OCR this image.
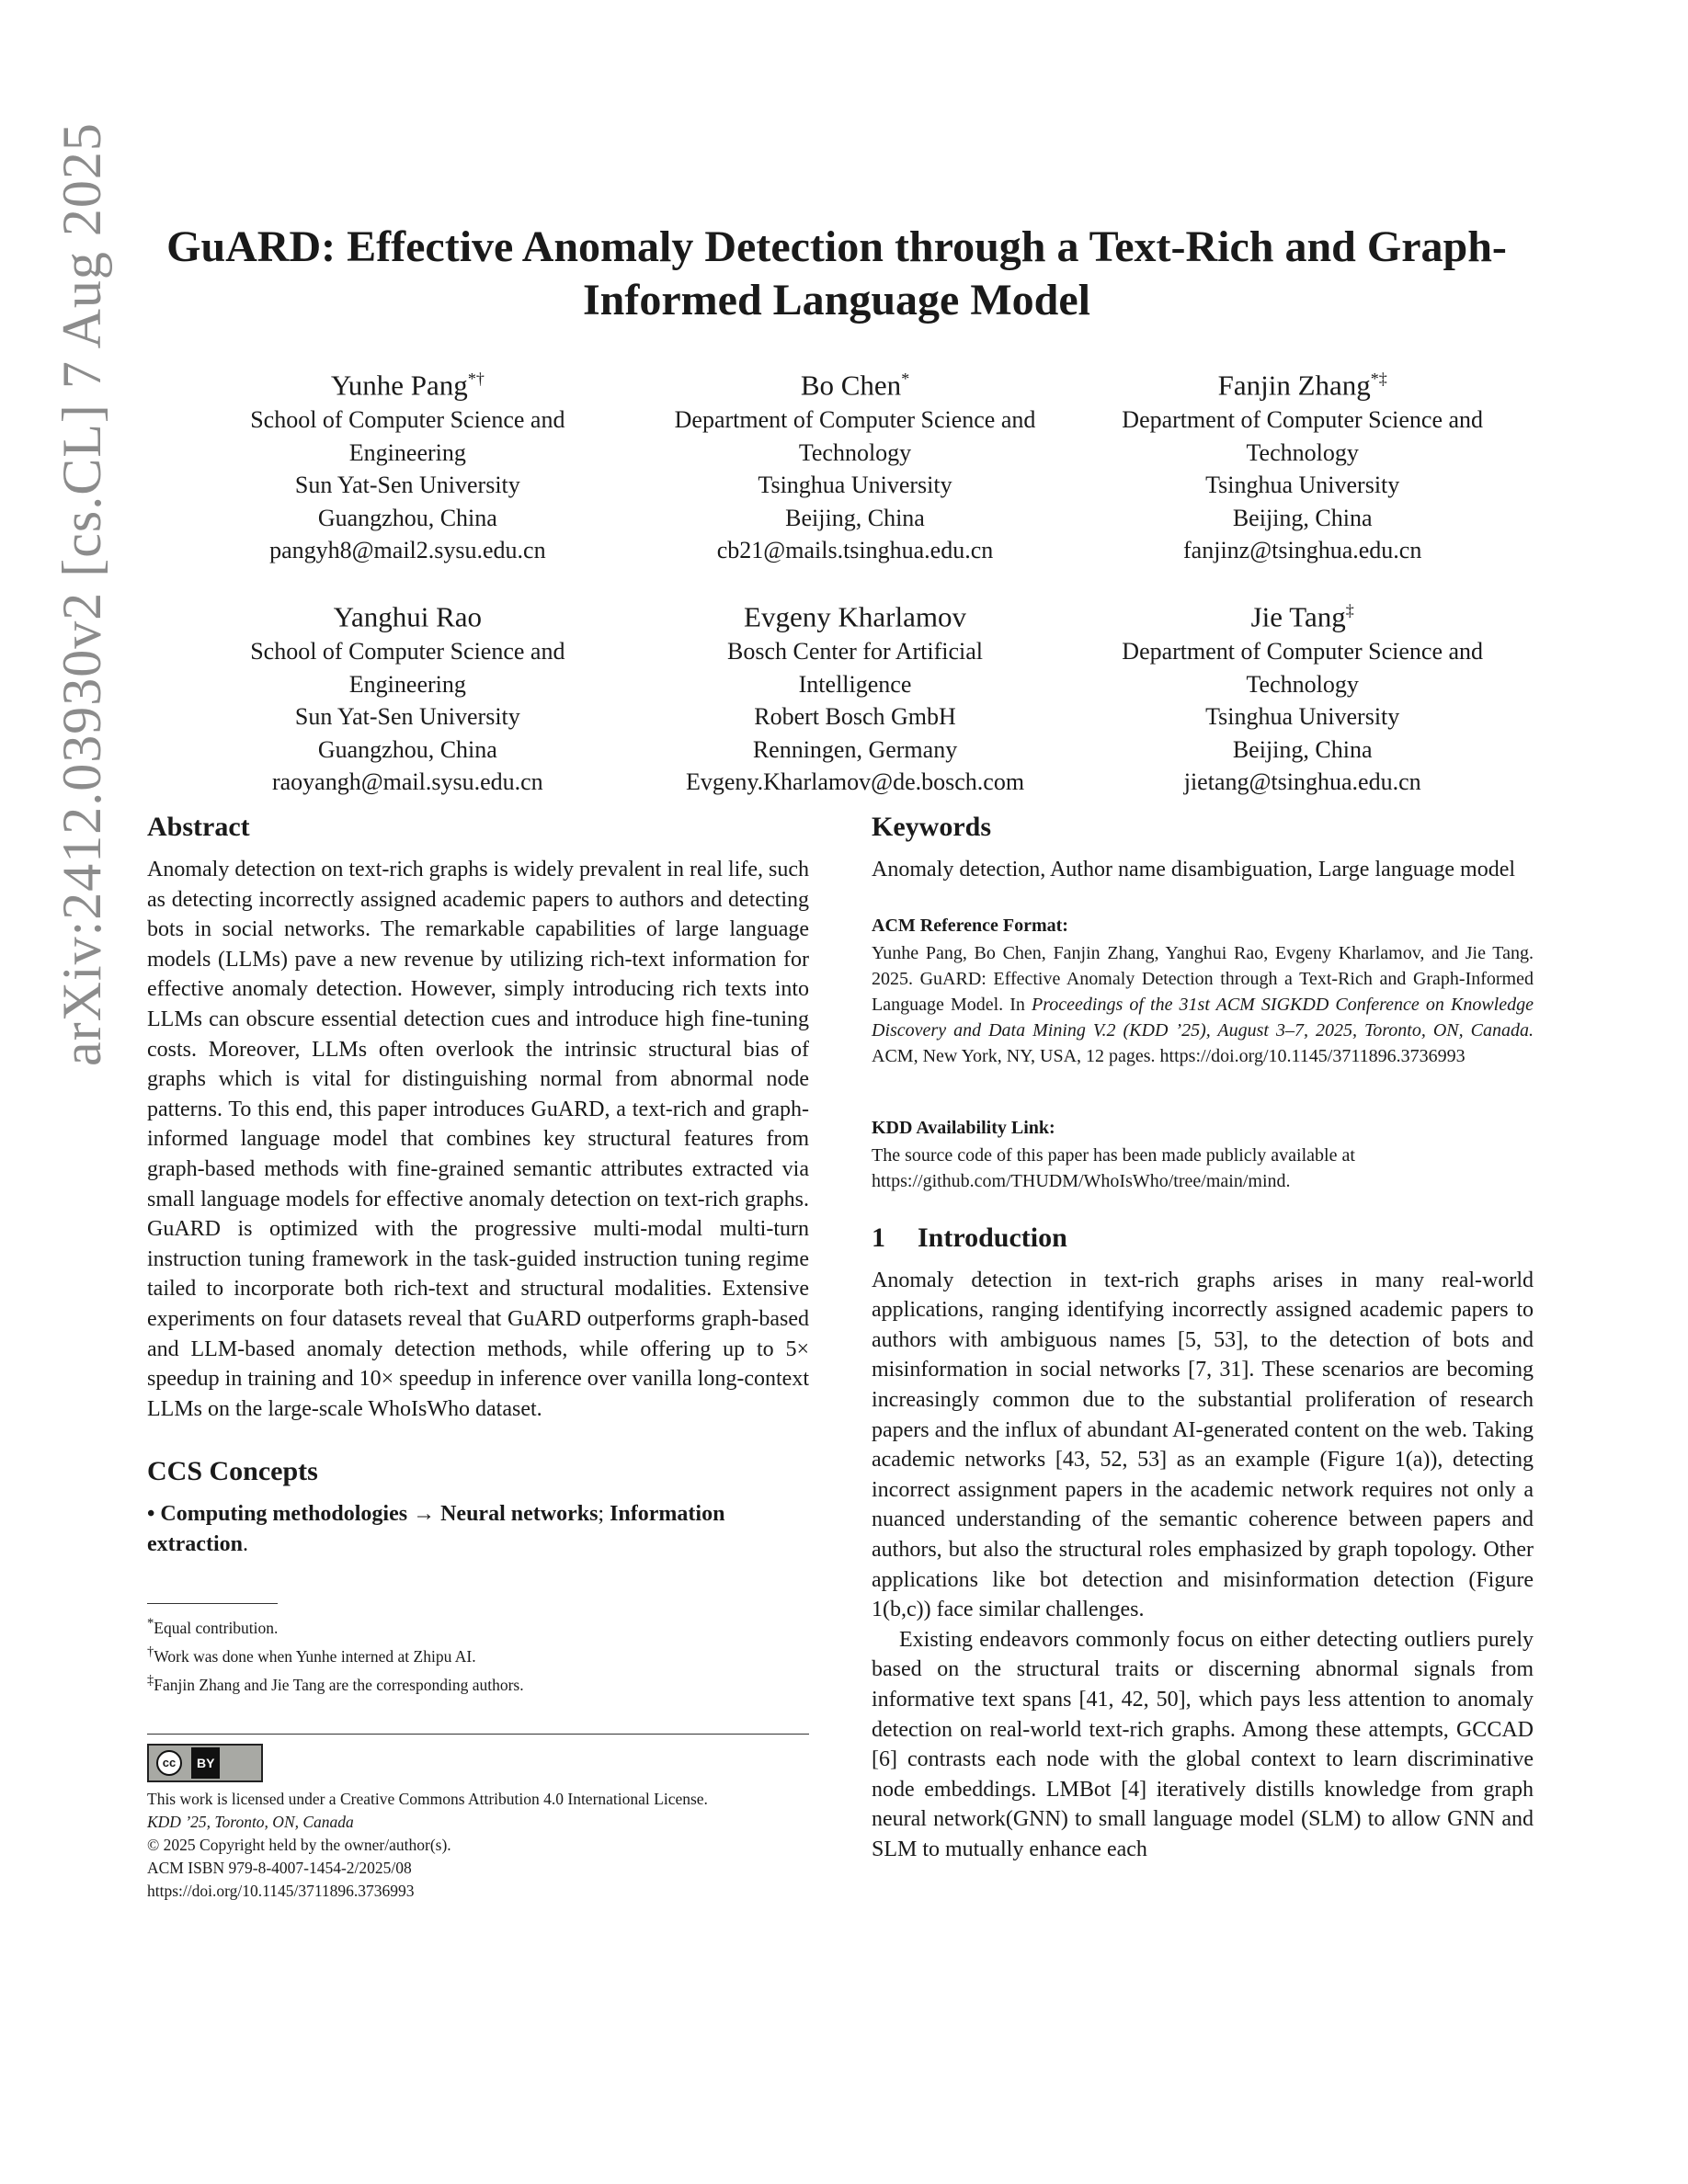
arXiv:2412.03930v2 [cs.CL] 7 Aug 2025	GuARD: Effective Anomaly Detection through a Text-Rich and Graph-Informed Language Model
Yunhe Pang*†
School of Computer Science and
Engineering
Sun Yat-Sen University
Guangzhou, China
pangyh8@mail2.sysu.edu.cn
Bo Chen*
Department of Computer Science and
Technology
Tsinghua University
Beijing, China
cb21@mails.tsinghua.edu.cn
Fanjin Zhang*‡
Department of Computer Science and
Technology
Tsinghua University
Beijing, China
fanjinz@tsinghua.edu.cn
Yanghui Rao
School of Computer Science and
Engineering
Sun Yat-Sen University
Guangzhou, China
raoyangh@mail.sysu.edu.cn
Evgeny Kharlamov
Bosch Center for Artificial
Intelligence
Robert Bosch GmbH
Renningen, Germany
Evgeny.Kharlamov@de.bosch.com
Jie Tang‡
Department of Computer Science and
Technology
Tsinghua University
Beijing, China
jietang@tsinghua.edu.cn
Abstract

Anomaly detection on text-rich graphs is widely prevalent in real life, such as detecting incorrectly assigned academic papers to authors and detecting bots in social networks. The remarkable capabilities of large language models (LLMs) pave a new revenue by utilizing rich-text information for effective anomaly detection. However, simply introducing rich texts into LLMs can obscure essential detection cues and introduce high fine-tuning costs. Moreover, LLMs often overlook the intrinsic structural bias of graphs which is vital for distinguishing normal from abnormal node patterns. To this end, this paper introduces GuARD, a text-rich and graph-informed language model that combines key structural features from graph-based methods with fine-grained semantic attributes extracted via small language models for effective anomaly detection on text-rich graphs. GuARD is optimized with the progressive multi-modal multi-turn instruction tuning framework in the task-guided instruction tuning regime tailed to incorporate both rich-text and structural modalities. Extensive experiments on four datasets reveal that GuARD outperforms graph-based and LLM-based anomaly detection methods, while offering up to 5× speedup in training and 10× speedup in inference over vanilla long-context LLMs on the large-scale WhoIsWho dataset.

CCS Concepts

• Computing methodologies → Neural networks; Information extraction.

*Equal contribution.
†Work was done when Yunhe interned at Zhipu AI.
‡Fanjin Zhang and Jie Tang are the corresponding authors.
cc	BY
This work is licensed under a Creative Commons Attribution 4.0 International License.
KDD ’25, Toronto, ON, Canada
© 2025 Copyright held by the owner/author(s).
ACM ISBN 979-8-4007-1454-2/2025/08
https://doi.org/10.1145/3711896.3736993
Keywords

Anomaly detection, Author name disambiguation, Large language model

ACM Reference Format:

Yunhe Pang, Bo Chen, Fanjin Zhang, Yanghui Rao, Evgeny Kharlamov, and Jie Tang. 2025. GuARD: Effective Anomaly Detection through a Text-Rich and Graph-Informed Language Model. In Proceedings of the 31st ACM SIGKDD Conference on Knowledge Discovery and Data Mining V.2 (KDD ’25), August 3–7, 2025, Toronto, ON, Canada. ACM, New York, NY, USA, 12 pages. https://doi.org/10.1145/3711896.3736993

KDD Availability Link:

The source code of this paper has been made publicly available at https://github.com/THUDM/WhoIsWho/tree/main/mind.

1 Introduction

Anomaly detection in text-rich graphs arises in many real-world applications, ranging identifying incorrectly assigned academic papers to authors with ambiguous names [5, 53], to the detection of bots and misinformation in social networks [7, 31]. These scenarios are becoming increasingly common due to the substantial proliferation of research papers and the influx of abundant AI-generated content on the web. Taking academic networks [43, 52, 53] as an example (Figure 1(a)), detecting incorrect assignment papers in the academic network requires not only a nuanced understanding of the semantic coherence between papers and authors, but also the structural roles emphasized by graph topology. Other applications like bot detection and misinformation detection (Figure 1(b,c)) face similar challenges.

Existing endeavors commonly focus on either detecting outliers purely based on the structural traits or discerning abnormal signals from informative text spans [41, 42, 50], which pays less attention to anomaly detection on real-world text-rich graphs. Among these attempts, GCCAD [6] contrasts each node with the global context to learn discriminative node embeddings. LMBot [4] iteratively distills knowledge from graph neural network(GNN) to small language model (SLM) to allow GNN and SLM to mutually enhance each
